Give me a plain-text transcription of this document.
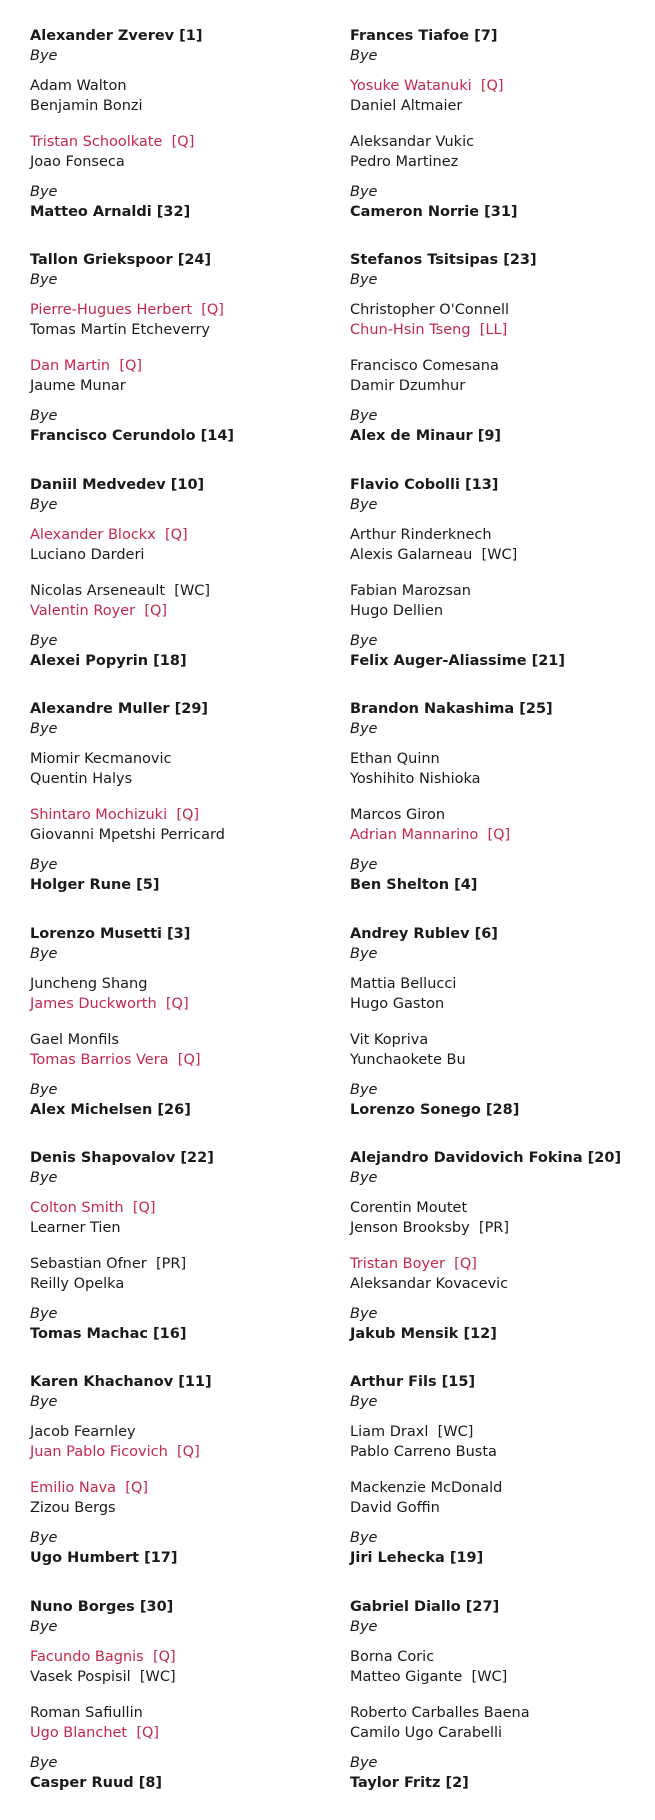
Alexander Zverev [1]
Bye
Adam Walton
Benjamin Bonzi
Tristan Schoolkate [Q]
Joao Fonseca
Bye
Matteo Arnaldi [32]
Tallon Griekspoor [24]
Bye
Pierre-Hugues Herbert [Q]
Tomas Martin Etcheverry
Dan Martin [Q]
Jaume Munar
Bye
Francisco Cerundolo [14]
Daniil Medvedev [10]
Bye
Alexander Blockx [Q]
Luciano Darderi
Nicolas Arseneault [WC]
Valentin Royer [Q]
Bye
Alexei Popyrin [18]
Alexandre Muller [29]
Bye
Miomir Kecmanovic
Quentin Halys
Shintaro Mochizuki [Q]
Giovanni Mpetshi Perricard
Bye
Holger Rune [5]
Lorenzo Musetti [3]
Bye
Juncheng Shang
James Duckworth [Q]
Gael Monfils
Tomas Barrios Vera [Q]
Bye
Alex Michelsen [26]
Denis Shapovalov [22]
Bye
Colton Smith [Q]
Learner Tien
Sebastian Ofner [PR]
Reilly Opelka
Bye
Tomas Machac [16]
Karen Khachanov [11]
Bye
Jacob Fearnley
Juan Pablo Ficovich [Q]
Emilio Nava [Q]
Zizou Bergs
Bye
Ugo Humbert [17]
Nuno Borges [30]
Bye
Facundo Bagnis [Q]
Vasek Pospisil [WC]
Roman Safiullin
Ugo Blanchet [Q]
Bye
Casper Ruud [8]
Frances Tiafoe [7]
Bye
Yosuke Watanuki [Q]
Daniel Altmaier
Aleksandar Vukic
Pedro Martinez
Bye
Cameron Norrie [31]
Stefanos Tsitsipas [23]
Bye
Christopher O'Connell
Chun-Hsin Tseng [LL]
Francisco Comesana
Damir Dzumhur
Bye
Alex de Minaur [9]
Flavio Cobolli [13]
Bye
Arthur Rinderknech
Alexis Galarneau [WC]
Fabian Marozsan
Hugo Dellien
Bye
Felix Auger-Aliassime [21]
Brandon Nakashima [25]
Bye
Ethan Quinn
Yoshihito Nishioka
Marcos Giron
Adrian Mannarino [Q]
Bye
Ben Shelton [4]
Andrey Rublev [6]
Bye
Mattia Bellucci
Hugo Gaston
Vit Kopriva
Yunchaokete Bu
Bye
Lorenzo Sonego [28]
Alejandro Davidovich Fokina [20]
Bye
Corentin Moutet
Jenson Brooksby [PR]
Tristan Boyer [Q]
Aleksandar Kovacevic
Bye
Jakub Mensik [12]
Arthur Fils [15]
Bye
Liam Draxl [WC]
Pablo Carreno Busta
Mackenzie McDonald
David Goffin
Bye
Jiri Lehecka [19]
Gabriel Diallo [27]
Bye
Borna Coric
Matteo Gigante [WC]
Roberto Carballes Baena
Camilo Ugo Carabelli
Bye
Taylor Fritz [2]
